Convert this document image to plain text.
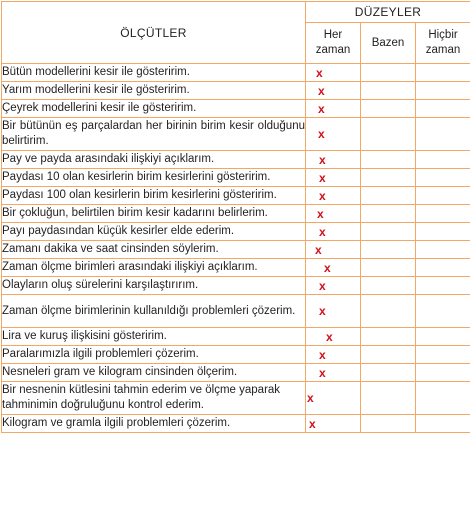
ÖLÇÜTLER	DÜZEYLER		
	Her zaman	Bazen	Hiçbir zaman
Bütün modellerini kesir ile gösteririm.	x		

Yarım modellerini kesir ile gösteririm.	x		

Çeyrek modellerini kesir ile gösteririm.	x		

Bir bütünün eş parçalardan her birinin birim kesir olduğunu belirtirim.	x		

Pay ve payda arasındaki ilişkiyi açıklarım.	x		

Paydası 10 olan kesirlerin birim kesirlerini gösteririm.	x		

Paydası 100 olan kesirlerin birim kesirlerini gösteririm.	x		

Bir çokluğun, belirtilen birim kesir kadarını belirlerim.	x		

Payı paydasından küçük kesirler elde ederim.	x		

Zamanı dakika ve saat cinsinden söylerim.	x		

Zaman ölçme birimleri arasındaki ilişkiyi açıklarım.	x		

Olayların oluş sürelerini karşılaştırırım.	x		

Zaman ölçme birimlerinin kullanıldığı problemleri çözerim.	x		

Lira ve kuruş ilişkisini gösteririm.	x		

Paralarımızla ilgili problemleri çözerim.	x		

Nesneleri gram ve kilogram cinsinden ölçerim.	x		

Bir nesnenin kütlesini tahmin ederim ve ölçme yaparak tahminimin doğruluğunu kontrol ederim.	x		

Kilogram ve gramla ilgili problemleri çözerim.	x		
